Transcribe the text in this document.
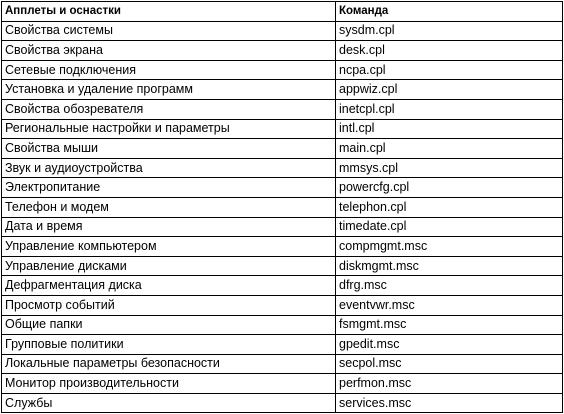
Апплеты и оснастки	Команда
Свойства системы	sysdm.cpl
Свойства экрана	desk.cpl
Сетевые подключения	ncpa.cpl
Установка и удаление программ	appwiz.cpl
Свойства обозревателя	inetcpl.cpl
Региональные настройки и параметры	intl.cpl
Свойства мыши	main.cpl
Звук и аудиоустройства	mmsys.cpl
Электропитание	powercfg.cpl
Телефон и модем	telephon.cpl
Дата и время	timedate.cpl
Управление компьютером	compmgmt.msc
Управление дисками	diskmgmt.msc
Дефрагментация диска	dfrg.msc
Просмотр событий	eventvwr.msc
Общие папки	fsmgmt.msc
Групповые политики	gpedit.msc
Локальные параметры безопасности	secpol.msc
Монитор производительности	perfmon.msc
Службы	services.msc
